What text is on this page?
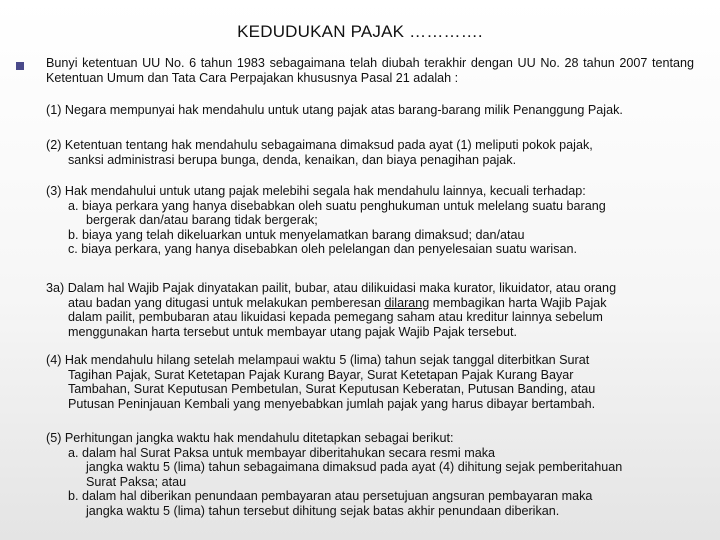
KEDUDUKAN PAJAK ………….
Bunyi ketentuan UU No. 6 tahun 1983 sebagaimana telah diubah terakhir dengan UU No. 28 tahun 2007 tentang Ketentuan Umum dan Tata Cara Perpajakan khususnya Pasal 21 adalah :
(1) Negara mempunyai hak mendahulu untuk utang pajak atas barang-barang milik Penanggung Pajak.
(2) Ketentuan tentang hak mendahulu sebagaimana dimaksud pada ayat (1) meliputi pokok pajak,
sanksi administrasi berupa bunga, denda, kenaikan, dan biaya penagihan pajak.
(3) Hak mendahului untuk utang pajak melebihi segala hak mendahulu lainnya, kecuali terhadap:
a. biaya perkara yang hanya disebabkan oleh suatu penghukuman untuk melelang suatu barang
bergerak dan/atau barang tidak bergerak;
b. biaya yang telah dikeluarkan untuk menyelamatkan barang dimaksud; dan/atau
c. biaya perkara, yang hanya disebabkan oleh pelelangan dan penyelesaian suatu warisan.
3a) Dalam hal Wajib Pajak dinyatakan pailit, bubar, atau dilikuidasi maka kurator, likuidator, atau orang
atau badan yang ditugasi untuk melakukan pemberesan dilarang membagikan harta Wajib Pajak
dalam pailit, pembubaran atau likuidasi kepada pemegang saham atau kreditur lainnya sebelum
menggunakan harta tersebut untuk membayar utang pajak Wajib Pajak tersebut.
(4) Hak mendahulu hilang setelah melampaui waktu 5 (lima) tahun sejak tanggal diterbitkan Surat
Tagihan Pajak, Surat Ketetapan Pajak Kurang Bayar, Surat Ketetapan Pajak Kurang Bayar
Tambahan, Surat Keputusan Pembetulan, Surat Keputusan Keberatan, Putusan Banding, atau
Putusan Peninjauan Kembali yang menyebabkan jumlah pajak yang harus dibayar bertambah.
(5) Perhitungan jangka waktu hak mendahulu ditetapkan sebagai berikut:
a. dalam hal Surat Paksa untuk membayar diberitahukan secara resmi maka
jangka waktu 5 (lima) tahun sebagaimana dimaksud pada ayat (4) dihitung sejak pemberitahuan
Surat Paksa; atau
b. dalam hal diberikan penundaan pembayaran atau persetujuan angsuran pembayaran maka
jangka waktu 5 (lima) tahun tersebut dihitung sejak batas akhir penundaan diberikan.
